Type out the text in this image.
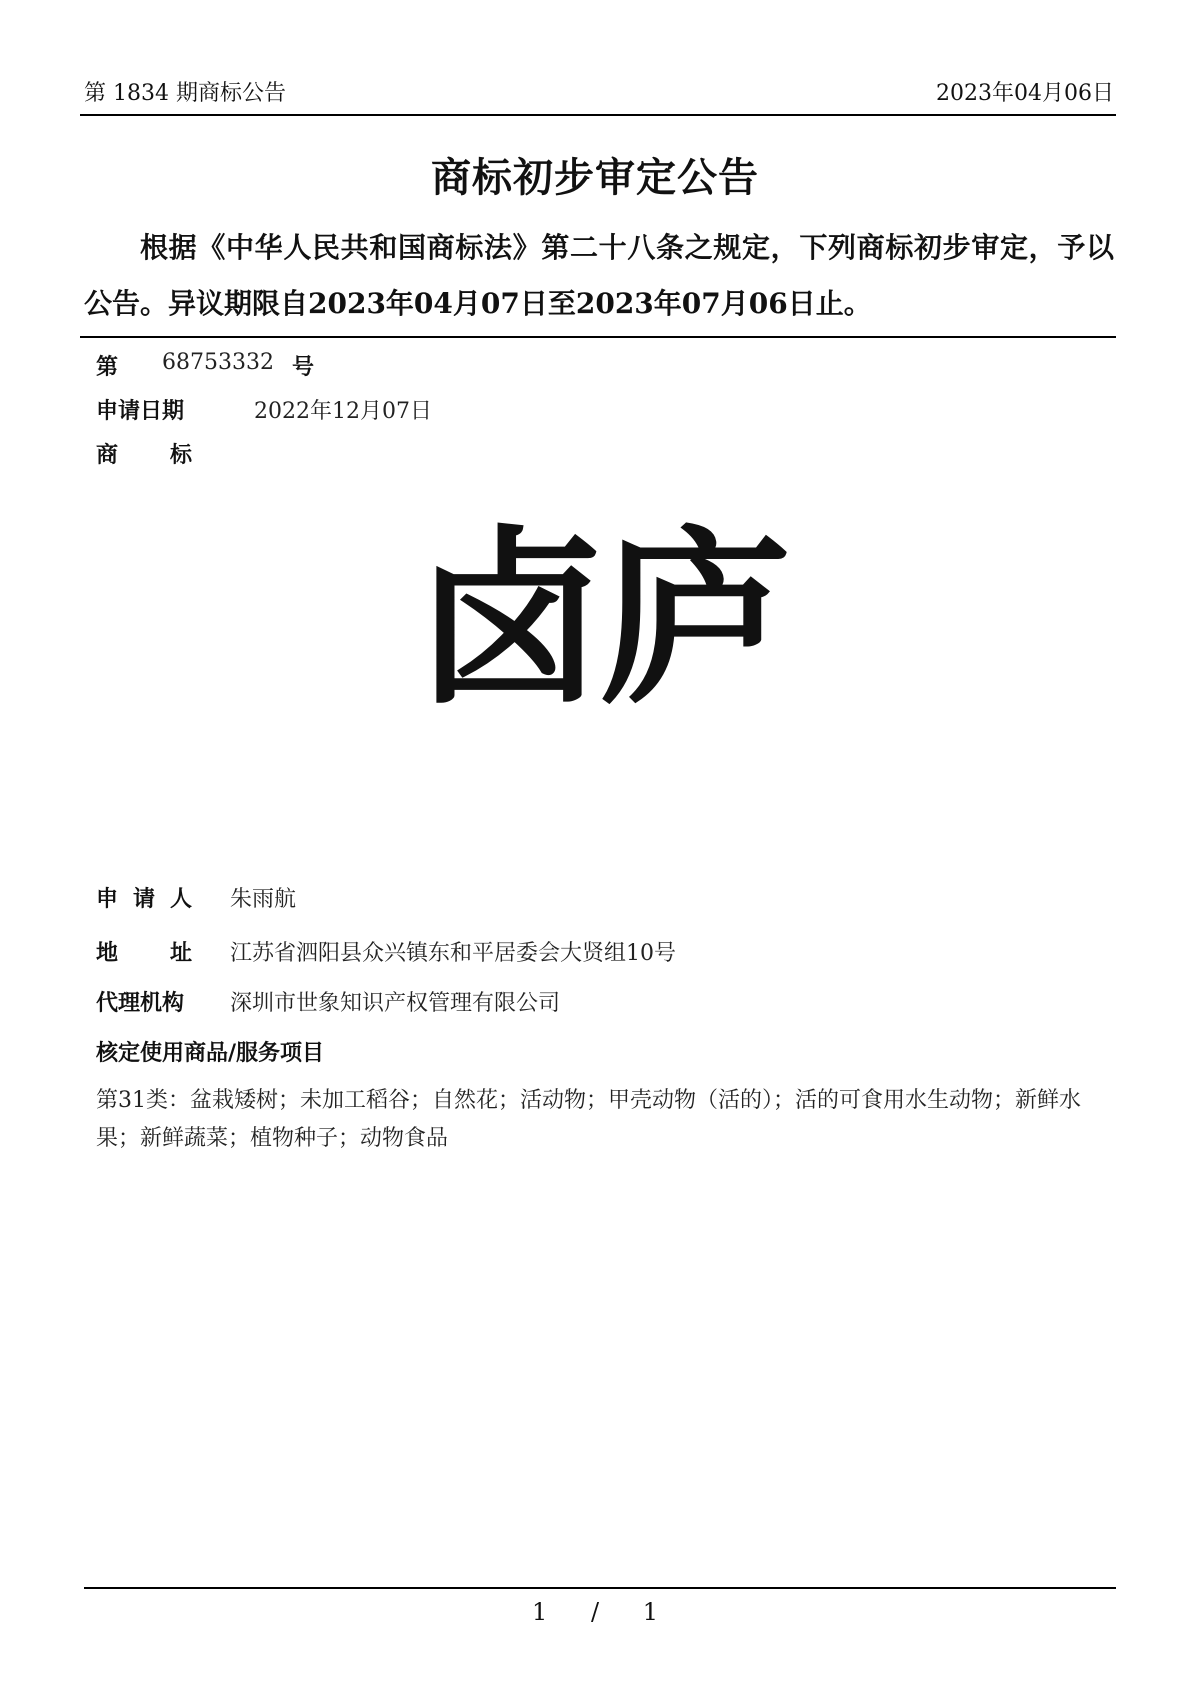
第 1834 期商标公告	2023年04月06日
商标初步审定公告
根据《中华人民共和国商标法》第二十八条之规定，下列商标初步审定，予以公告。异议期限自2023年04月07日至2023年07月06日止。
第 68753332 号
申请日期	2022年12月07日
商 标
卤庐
申 请 人 朱雨航
地 址 江苏省泗阳县众兴镇东和平居委会大贤组10号
代理机构 深圳市世象知识产权管理有限公司
核定使用商品/服务项目
第31类：盆栽矮树；未加工稻谷；自然花；活动物；甲壳动物（活的）；活的可食用水生动物；新鲜水果；新鲜蔬菜；植物种子；动物食品
1 / 1
